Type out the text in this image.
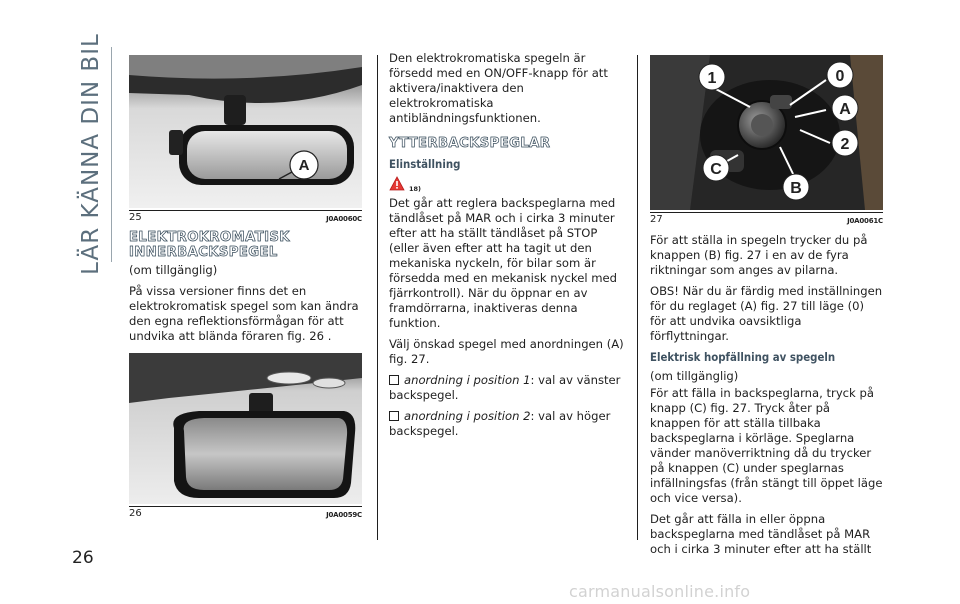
LÄR KÄNNA DIN BIL
26
A
25	J0A0060C
ELEKTROKROMATISK
INNERBACKSPEGEL

(om tillgänglig)

På vissa versioner finns det en elektrokromatisk spegel som kan ändra den egna reflektionsförmågan för att undvika att blända föraren fig. 26 .

26	J0A0059C

Den elektrokromatiska spegeln är försedd med en ON/OFF-knapp för att aktivera/inaktivera den elektrokromatiska antibländningsfunktionen.

YTTERBACKSPEGLAR
Elinställning
18)

Det går att reglera backspeglarna med tändlåset på MAR och i cirka 3 minuter efter att ha ställt tändlåset på STOP (eller även efter att ha tagit ut den mekaniska nyckeln, för bilar som är försedda med en mekanisk nyckel med fjärrkontroll). När du öppnar en av framdörrarna, inaktiveras denna funktion.

Välj önskad spegel med anordningen (A) fig. 27.

anordning i position 1: val av vänster backspegel.

anordning i position 2: val av höger backspegel.

1	0
A
2
C
B
27	J0A0061C

För att ställa in spegeln trycker du på knappen (B) fig. 27 i en av de fyra riktningar som anges av pilarna.

OBS! När du är färdig med inställningen för du reglaget (A) fig. 27 till läge (0) för att undvika oavsiktliga förflyttningar.

Elektrisk hopfällning av spegeln

(om tillgänglig)

För att fälla in backspeglarna, tryck på knapp (C) fig. 27. Tryck åter på knappen för att ställa tillbaka backspeglarna i körläge. Speglarna vänder manöverriktning då du trycker på knappen (C) under speglarnas infällningsfas (från stängt till öppet läge och vice versa).

Det går att fälla in eller öppna backspeglarna med tändlåset på MAR och i cirka 3 minuter efter att ha ställt

carmanualsonline.info
